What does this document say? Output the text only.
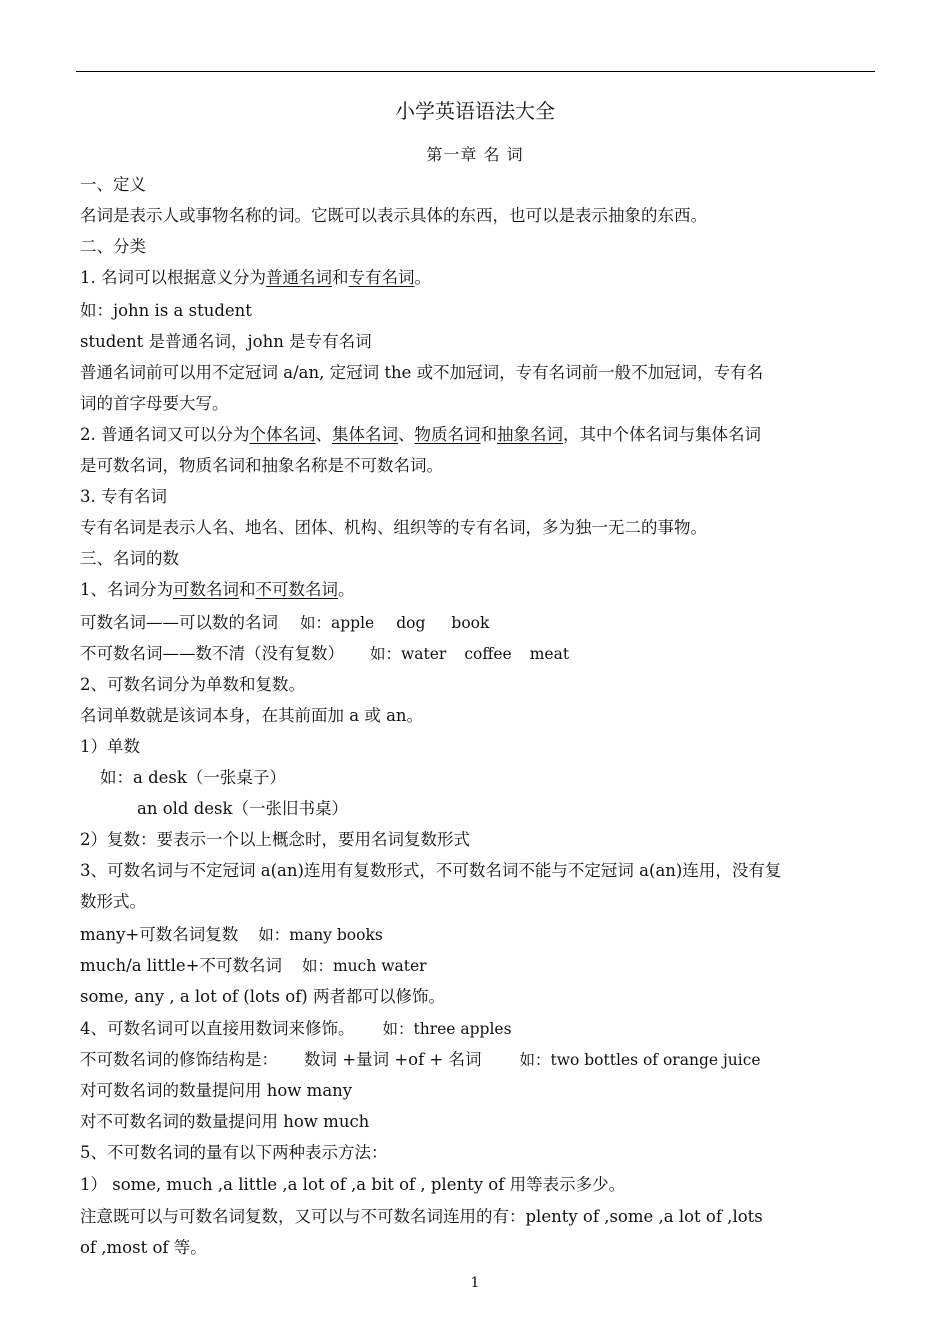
小学英语语法大全
第一章 名 词
一、定义
名词是表示人或事物名称的词。它既可以表示具体的东西，也可以是表示抽象的东西。
二、分类
1. 名词可以根据意义分为普通名词和专有名词。
如：john is a student
student 是普通名词，john 是专有名词
普通名词前可以用不定冠词 a/an, 定冠词 the 或不加冠词，专有名词前一般不加冠词，专有名
词的首字母要大写。
2. 普通名词又可以分为个体名词、集体名词、物质名词和抽象名词，其中个体名词与集体名词
是可数名词，物质名词和抽象名称是不可数名词。
3. 专有名词
专有名词是表示人名、地名、团体、机构、组织等的专有名词，多为独一无二的事物。
三、名词的数
1、名词分为可数名词和不可数名词。
可数名词——可以数的名词 如：apple dog book
不可数名词——数不清（没有复数） 如：water coffee meat
2、可数名词分为单数和复数。
名词单数就是该词本身，在其前面加 a 或 an。
1）单数
如：a desk（一张桌子）
an old desk（一张旧书桌）
2）复数：要表示一个以上概念时，要用名词复数形式
3、可数名词与不定冠词 a(an)连用有复数形式，不可数名词不能与不定冠词 a(an)连用，没有复
数形式。
many+可数名词复数 如：many books
much/a little+不可数名词 如：much water
some, any , a lot of (lots of) 两者都可以修饰。
4、可数名词可以直接用数词来修饰。 如：three apples
不可数名词的修饰结构是： 数词 +量词 +of + 名词 如：two bottles of orange juice
对可数名词的数量提问用 how many
对不可数名词的数量提问用 how much
5、不可数名词的量有以下两种表示方法：
1） some, much ,a little ,a lot of ,a bit of , plenty of 用等表示多少。
注意既可以与可数名词复数，又可以与不可数名词连用的有：plenty of ,some ,a lot of ,lots
of ,most of 等。
1
